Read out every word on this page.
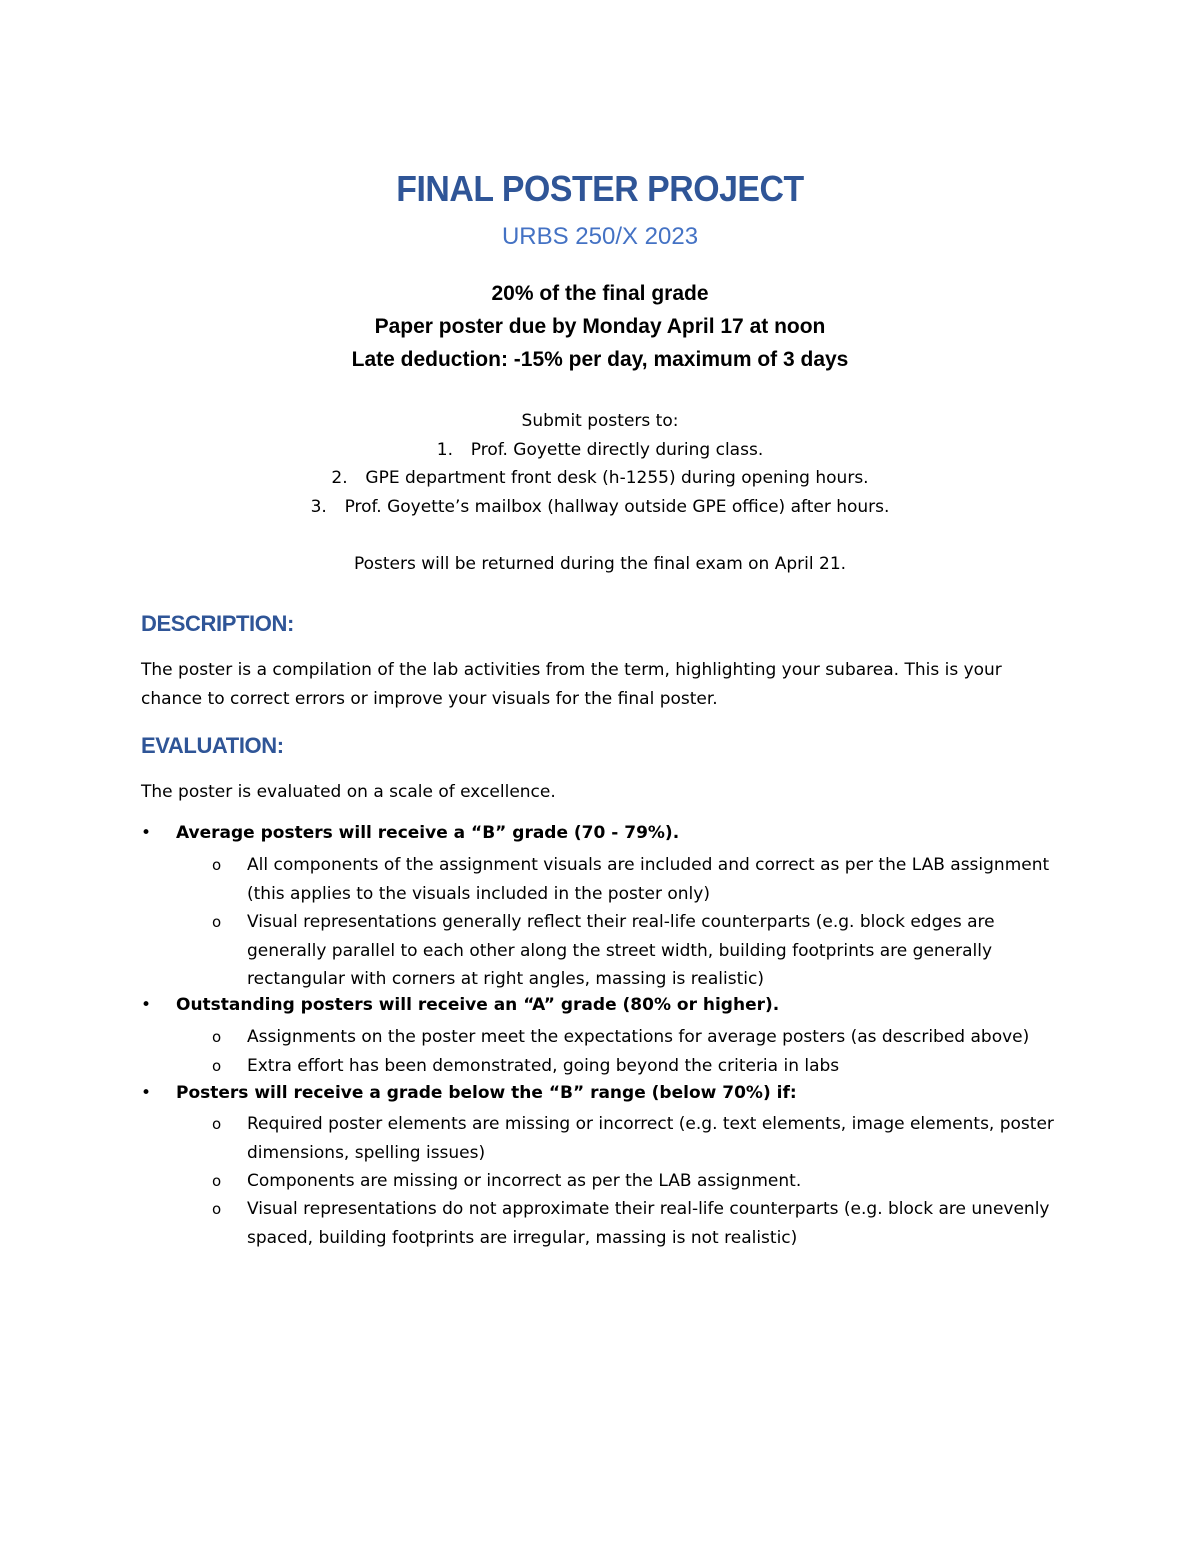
FINAL POSTER PROJECT
URBS 250/X 2023
20% of the final grade
Paper poster due by Monday April 17 at noon
Late deduction: -15% per day, maximum of 3 days
Submit posters to:
1. Prof. Goyette directly during class.
2. GPE department front desk (h-1255) during opening hours.
3. Prof. Goyette’s mailbox (hallway outside GPE office) after hours.
Posters will be returned during the final exam on April 21.
DESCRIPTION:
The poster is a compilation of the lab activities from the term, highlighting your subarea. This is your chance to correct errors or improve your visuals for the final poster.
EVALUATION:
The poster is evaluated on a scale of excellence.
• Average posters will receive a “B” grade (70 - 79%).
o All components of the assignment visuals are included and correct as per the LAB assignment (this applies to the visuals included in the poster only)
o Visual representations generally reflect their real-life counterparts (e.g. block edges are generally parallel to each other along the street width, building footprints are generally rectangular with corners at right angles, massing is realistic)
• Outstanding posters will receive an “A” grade (80% or higher).
o Assignments on the poster meet the expectations for average posters (as described above)
o Extra effort has been demonstrated, going beyond the criteria in labs
• Posters will receive a grade below the “B” range (below 70%) if:
o Required poster elements are missing or incorrect (e.g. text elements, image elements, poster dimensions, spelling issues)
o Components are missing or incorrect as per the LAB assignment.
o Visual representations do not approximate their real-life counterparts (e.g. block are unevenly spaced, building footprints are irregular, massing is not realistic)
